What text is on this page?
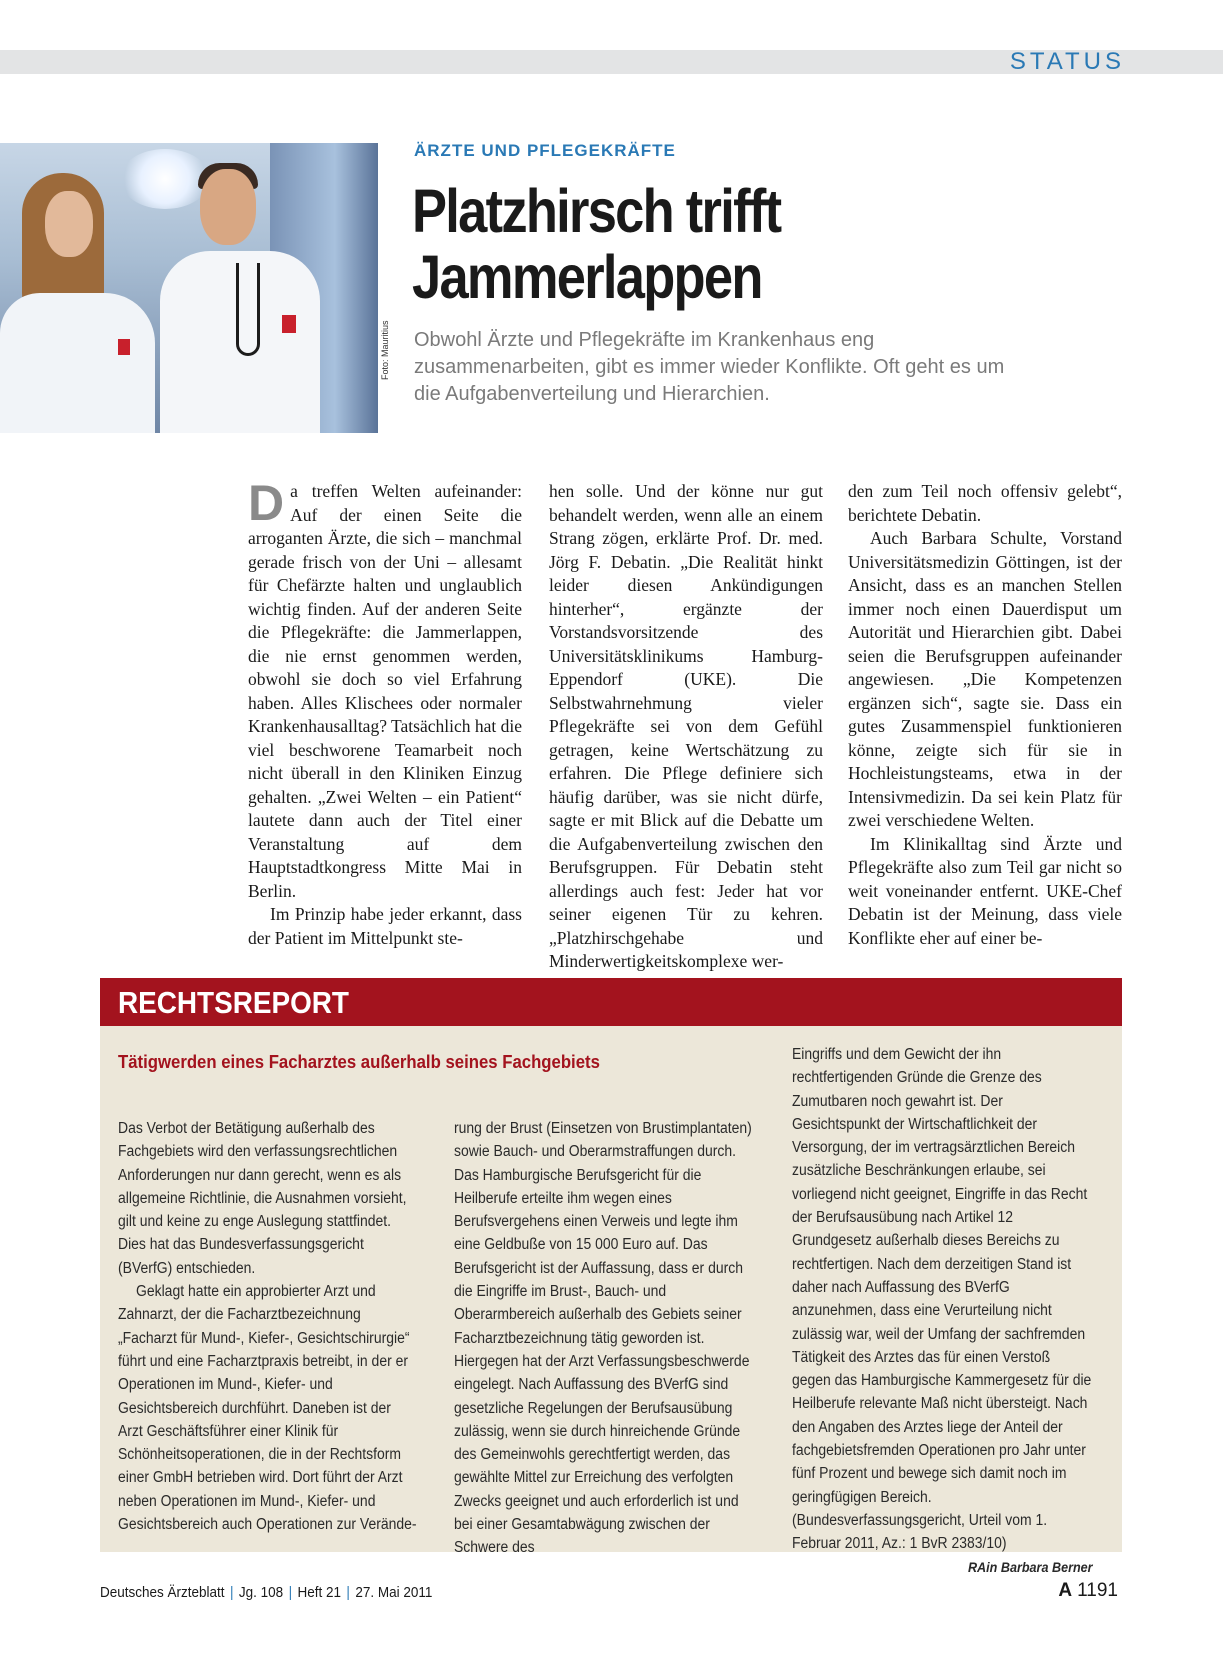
STATUS
Foto: Mauritius
ÄRZTE UND PFLEGEKRÄFTE
Platzhirsch trifft
Jammerlappen
Obwohl Ärzte und Pflegekräfte im Krankenhaus eng zusammenarbeiten, gibt es immer wieder Konflikte. Oft geht es um die Aufgabenverteilung und Hierarchien.

Da treffen Welten aufeinander: Auf der einen Seite die arroganten Ärzte, die sich – manchmal gerade frisch von der Uni – allesamt für Chefärzte halten und unglaublich wichtig finden. Auf der anderen Seite die Pflegekräfte: die Jammerlappen, die nie ernst genommen werden, obwohl sie doch so viel Erfahrung haben. Alles Klischees oder normaler Krankenhausalltag? Tatsächlich hat die viel beschworene Teamarbeit noch nicht überall in den Kliniken Einzug gehalten. „Zwei Welten – ein Patient“ lautete dann auch der Titel einer Veranstaltung auf dem Hauptstadtkongress Mitte Mai in Berlin.

Im Prinzip habe jeder erkannt, dass der Patient im Mittelpunkt ste-

hen solle. Und der könne nur gut behandelt werden, wenn alle an einem Strang zögen, erklärte Prof. Dr. med. Jörg F. Debatin. „Die Realität hinkt leider diesen Ankündigungen hinterher“, ergänzte der Vorstandsvorsitzende des Universitätsklinikums Hamburg-Eppendorf (UKE). Die Selbstwahrnehmung vieler Pflegekräfte sei von dem Gefühl getragen, keine Wertschätzung zu erfahren. Die Pflege definiere sich häufig darüber, was sie nicht dürfe, sagte er mit Blick auf die Debatte um die Aufgabenverteilung zwischen den Berufsgruppen. Für Debatin steht allerdings auch fest: Jeder hat vor seiner eigenen Tür zu kehren. „Platzhirschgehabe und Minderwertigkeitskomplexe wer-

den zum Teil noch offensiv gelebt“, berichtete Debatin.

Auch Barbara Schulte, Vorstand Universitätsmedizin Göttingen, ist der Ansicht, dass es an manchen Stellen immer noch einen Dauerdisput um Autorität und Hierarchien gibt. Dabei seien die Berufsgruppen aufeinander angewiesen. „Die Kompetenzen ergänzen sich“, sagte sie. Dass ein gutes Zusammenspiel funktionieren könne, zeigte sich für sie in Hochleistungsteams, etwa in der Intensivmedizin. Da sei kein Platz für zwei verschiedene Welten.

Im Klinikalltag sind Ärzte und Pflegekräfte also zum Teil gar nicht so weit voneinander entfernt. UKE-Chef Debatin ist der Meinung, dass viele Konflikte eher auf einer be-

RECHTSREPORT
Tätigwerden eines Facharztes außerhalb seines Fachgebiets

Das Verbot der Betätigung außerhalb des Fachgebiets wird den verfassungsrechtlichen Anforderungen nur dann gerecht, wenn es als allgemeine Richtlinie, die Ausnahmen vorsieht, gilt und keine zu enge Auslegung stattfindet. Dies hat das Bundesverfassungsgericht (BVerfG) entschieden.

Geklagt hatte ein approbierter Arzt und Zahnarzt, der die Facharztbezeichnung „Facharzt für Mund-, Kiefer-, Gesichtschirurgie“ führt und eine Facharztpraxis betreibt, in der er Operationen im Mund-, Kiefer- und Gesichtsbereich durchführt. Daneben ist der Arzt Geschäftsführer einer Klinik für Schönheitsoperationen, die in der Rechtsform einer GmbH betrieben wird. Dort führt der Arzt neben Operationen im Mund-, Kiefer- und Gesichtsbereich auch Operationen zur Verände-

rung der Brust (Einsetzen von Brustimplantaten) sowie Bauch- und Oberarmstraffungen durch. Das Hamburgische Berufsgericht für die Heilberufe erteilte ihm wegen eines Berufsvergehens einen Verweis und legte ihm eine Geldbuße von 15 000 Euro auf. Das Berufsgericht ist der Auffassung, dass er durch die Eingriffe im Brust-, Bauch- und Oberarmbereich außerhalb des Gebiets seiner Facharztbezeichnung tätig geworden ist. Hiergegen hat der Arzt Verfassungsbeschwerde eingelegt. Nach Auffassung des BVerfG sind gesetzliche Regelungen der Berufsausübung zulässig, wenn sie durch hinreichende Gründe des Gemeinwohls gerechtfertigt werden, das gewählte Mittel zur Erreichung des verfolgten Zwecks geeignet und auch erforderlich ist und bei einer Gesamtabwägung zwischen der Schwere des

Eingriffs und dem Gewicht der ihn rechtfertigenden Gründe die Grenze des Zumutbaren noch gewahrt ist. Der Gesichtspunkt der Wirtschaftlichkeit der Versorgung, der im vertragsärztlichen Bereich zusätzliche Beschränkungen erlaube, sei vorliegend nicht geeignet, Eingriffe in das Recht der Berufsausübung nach Artikel 12 Grundgesetz außerhalb dieses Bereichs zu rechtfertigen. Nach dem derzeitigen Stand ist daher nach Auffassung des BVerfG anzunehmen, dass eine Verurteilung nicht zulässig war, weil der Umfang der sachfremden Tätigkeit des Arztes das für einen Verstoß gegen das Hamburgische Kammergesetz für die Heilberufe relevante Maß nicht übersteigt. Nach den Angaben des Arztes liege der Anteil der fachgebietsfremden Operationen pro Jahr unter fünf Prozent und bewege sich damit noch im geringfügigen Bereich. (Bundesverfassungsgericht, Urteil vom 1. Februar 2011, Az.: 1 BvR 2383/10)
RAin Barbara Berner

Deutsches Ärzteblatt | Jg. 108 | Heft 21 | 27. Mai 2011	A 1191
